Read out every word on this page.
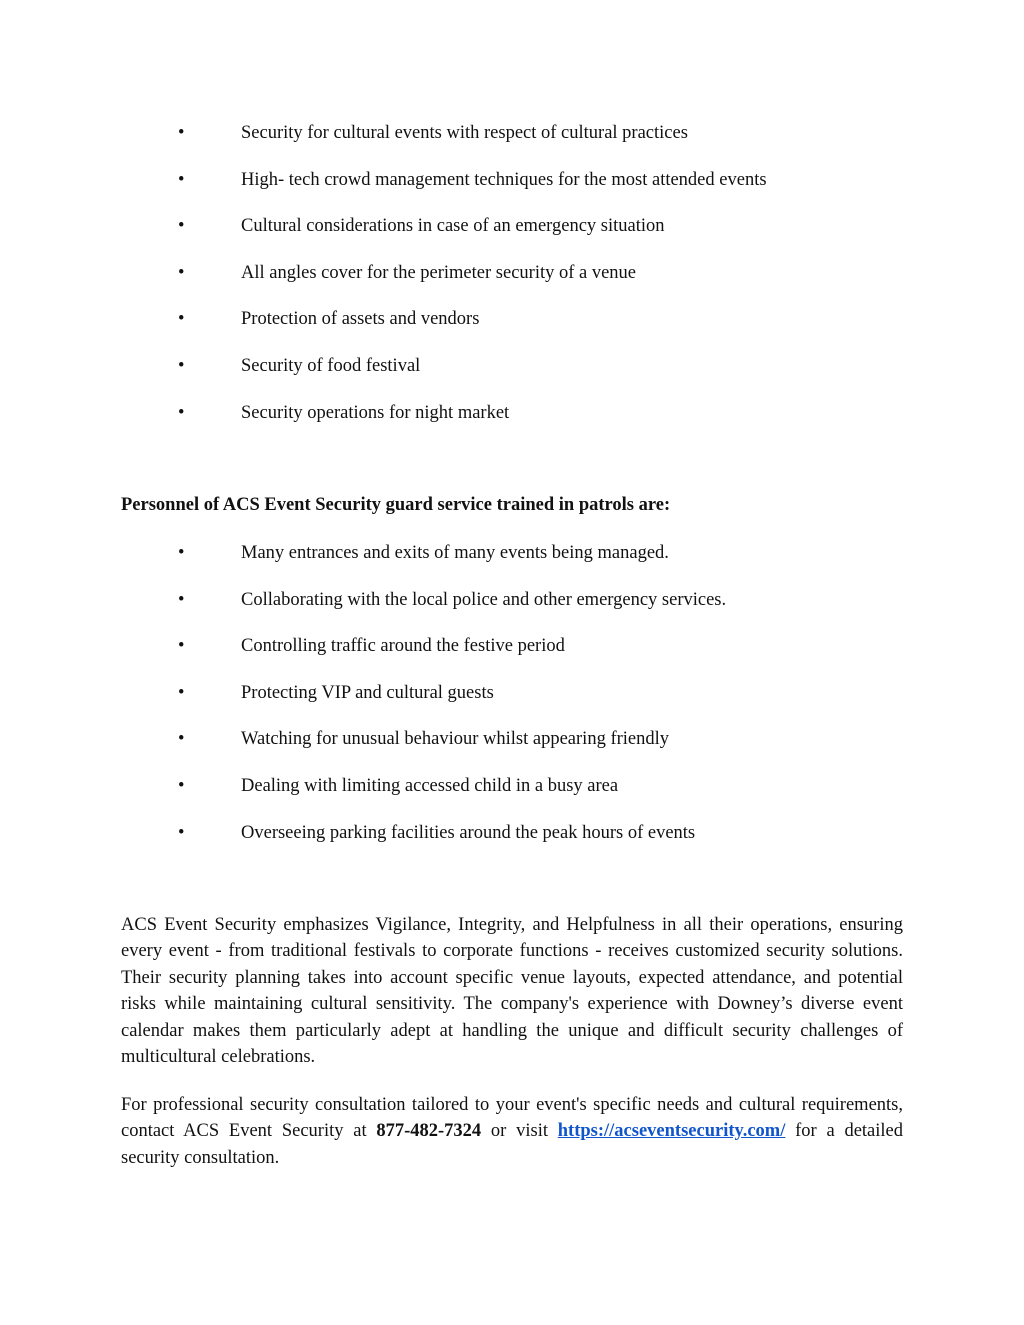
•	Security for cultural events with respect of cultural practices
•	High- tech crowd management techniques for the most attended events
•	Cultural considerations in case of an emergency situation
•	All angles cover for the perimeter security of a venue
•	Protection of assets and vendors
•	Security of food festival
•	Security operations for night market
Personnel of ACS Event Security guard service trained in patrols are:
•	Many entrances and exits of many events being managed.
•	Collaborating with the local police and other emergency services.
•	Controlling traffic around the festive period
•	Protecting VIP and cultural guests
•	Watching for unusual behaviour whilst appearing friendly
•	Dealing with limiting accessed child in a busy area
•	Overseeing parking facilities around the peak hours of events

ACS Event Security emphasizes Vigilance, Integrity, and Helpfulness in all their operations, ensuring every event - from traditional festivals to corporate functions - receives customized security solutions. Their security planning takes into account specific venue layouts, expected attendance, and potential risks while maintaining cultural sensitivity. The company's experience with Downey’s diverse event calendar makes them particularly adept at handling the unique and difficult security challenges of multicultural celebrations.

For professional security consultation tailored to your event's specific needs and cultural requirements, contact ACS Event Security at 877-482-7324 or visit https://acseventsecurity.com/ for a detailed security consultation.
